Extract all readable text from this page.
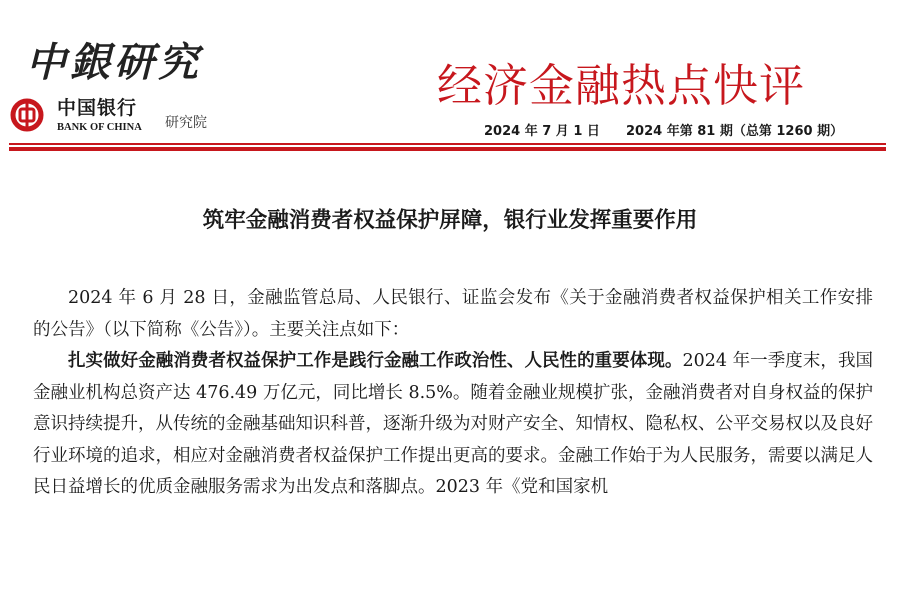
中銀研究
中国银行
BANK OF CHINA 研究院
经济金融热点快评
2024 年 7 月 1 日 2024 年第 81 期（总第 1260 期）
筑牢金融消费者权益保护屏障，银行业发挥重要作用

2024 年 6 月 28 日，金融监管总局、人民银行、证监会发布《关于金融消费者权益保护相关工作安排的公告》（以下简称《公告》）。主要关注点如下：

扎实做好金融消费者权益保护工作是践行金融工作政治性、人民性的重要体现。2024 年一季度末，我国金融业机构总资产达 476.49 万亿元，同比增长 8.5%。随着金融业规模扩张，金融消费者对自身权益的保护意识持续提升，从传统的金融基础知识科普，逐渐升级为对财产安全、知情权、隐私权、公平交易权以及良好行业环境的追求，相应对金融消费者权益保护工作提出更高的要求。金融工作始于为人民服务，需要以满足人民日益增长的优质金融服务需求为出发点和落脚点。2023 年《党和国家机
